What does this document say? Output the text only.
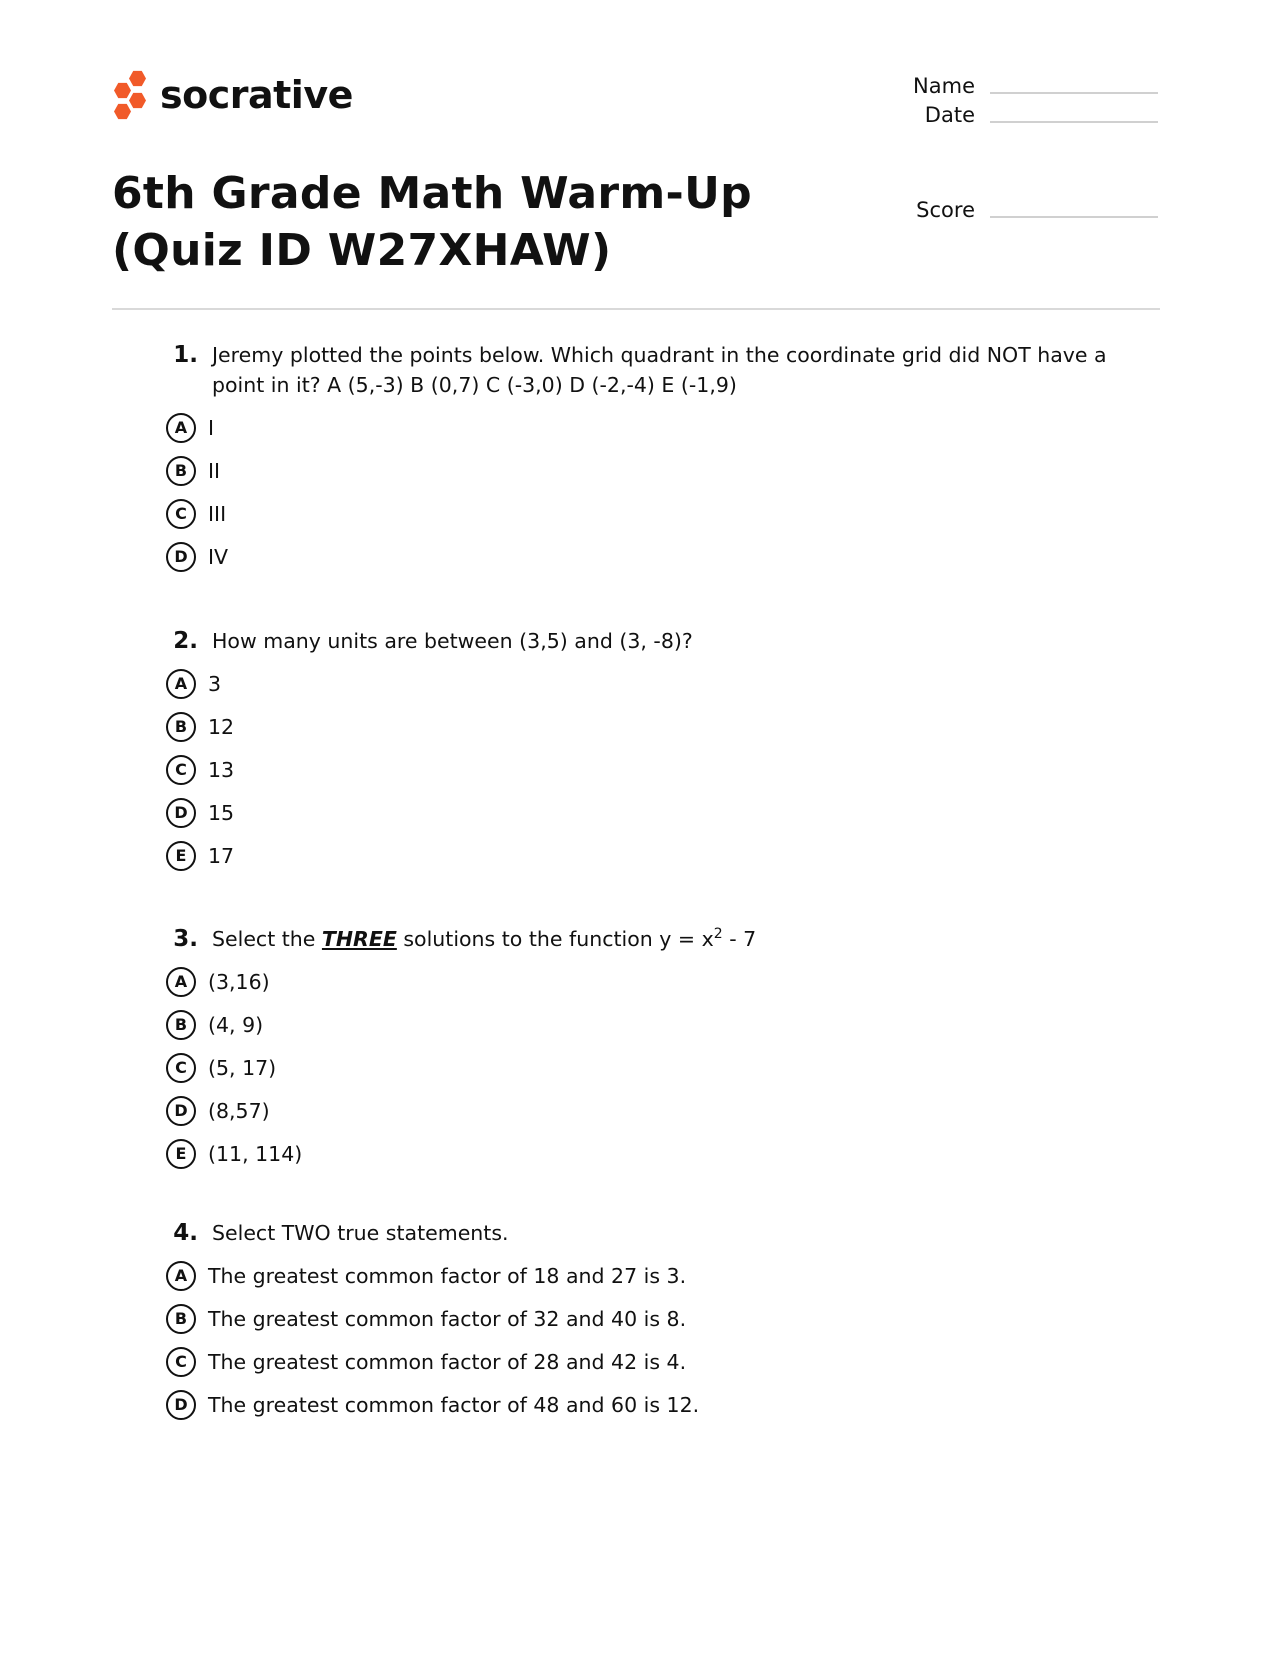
socrative	Name
Date
Score
6th Grade Math Warm-Up (Quiz ID W27XHAW)
1. Jeremy plotted the points below. Which quadrant in the coordinate grid did NOT have a point in it? A (5,-3) B (0,7) C (-3,0) D (-2,-4) E (-1,9)
A	I
B	II
C	III
D IV
2. How many units are between (3,5) and (3, -8)?
A	3
B	12
C	13
D 15
E	17
3. Select the THREE solutions to the function $y = x^2 - 7$
A	(3,16)
B	(4, 9)
C	(5, 17)
D (8,57)
E	(11, 114)
4. Select TWO true statements.
A	The greatest common factor of 18 and 27 is 3.
B	The greatest common factor of 32 and 40 is 8.
C	The greatest common factor of 28 and 42 is 4.
D The greatest common factor of 48 and 60 is 12.
